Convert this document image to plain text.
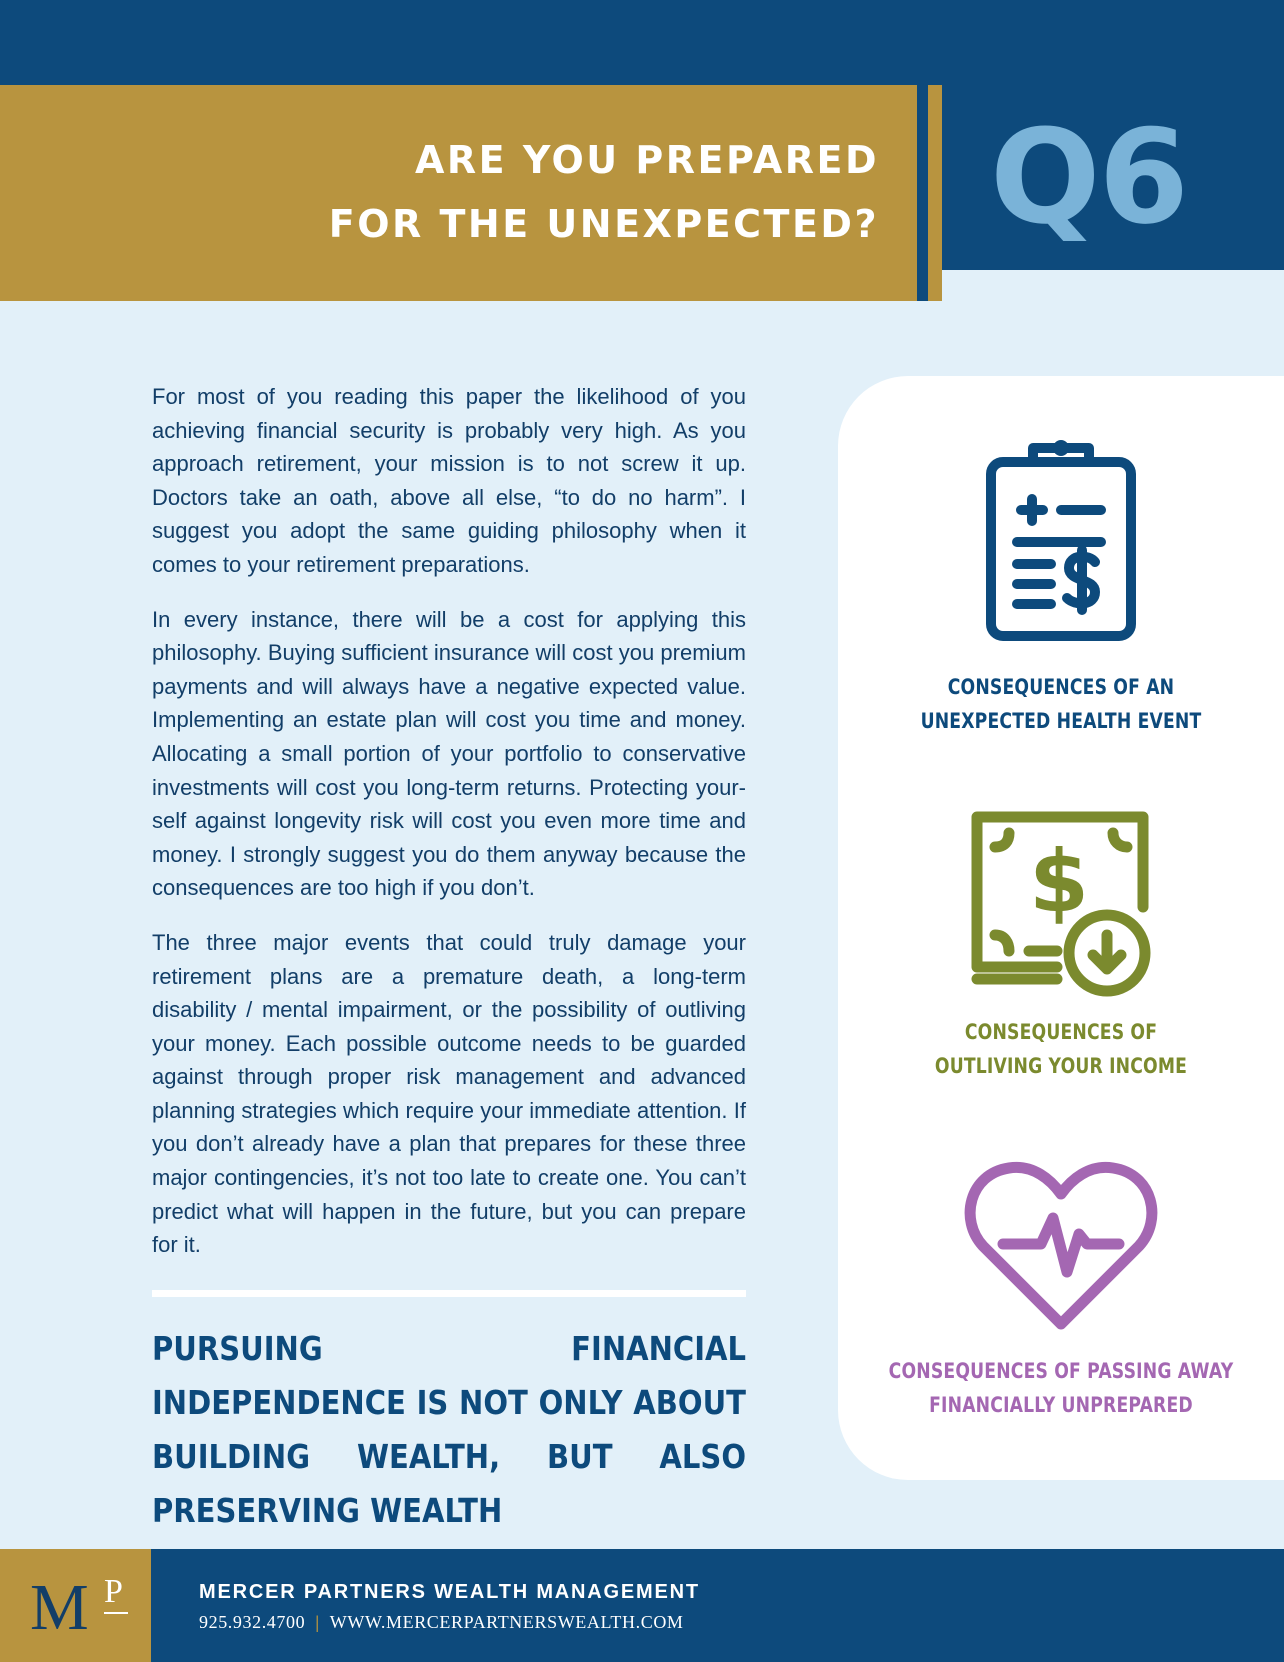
ARE YOU PREPARED
FOR THE UNEXPECTED? Q6

For most of you reading this paper the likelihood of you achieving financial security is probably very high. As you approach retirement, your mission is to not screw it up. Doctors take an oath, above all else, “to do no harm”. I suggest you adopt the same guiding philosophy when it comes to your retirement preparations.

In every instance, there will be a cost for applying this philosophy. Buying sufficient insurance will cost you premium payments and will always have a negative expected value. Implementing an estate plan will cost you time and money. Allocating a small portion of your portfolio to conservative investments will cost you long-term returns. Protecting your-self against longevity risk will cost you even more time and money. I strongly suggest you do them anyway because the consequences are too high if you don’t.

The three major events that could truly damage your retirement plans are a premature death, a long-term disability / mental impairment, or the possibility of outliving your money. Each possible outcome needs to be guarded against through proper risk management and advanced planning strategies which require your immediate attention. If you don’t already have a plan that prepares for these three major contingencies, it’s not too late to create one. You can’t predict what will happen in the future, but you can prepare for it.

PURSUING FINANCIAL INDEPENDENCE IS NOT ONLY ABOUT BUILDING WEALTH, BUT ALSO PRESERVING WEALTH
CONSEQUENCES OF AN
UNEXPECTED HEALTH EVENT
$
CONSEQUENCES OF
OUTLIVING YOUR INCOME
CONSEQUENCES OF PASSING AWAY
FINANCIALLY UNPREPARED
M P	MERCER PARTNERS WEALTH MANAGEMENT
925.932.4700 | WWW.MERCERPARTNERSWEALTH.COM
